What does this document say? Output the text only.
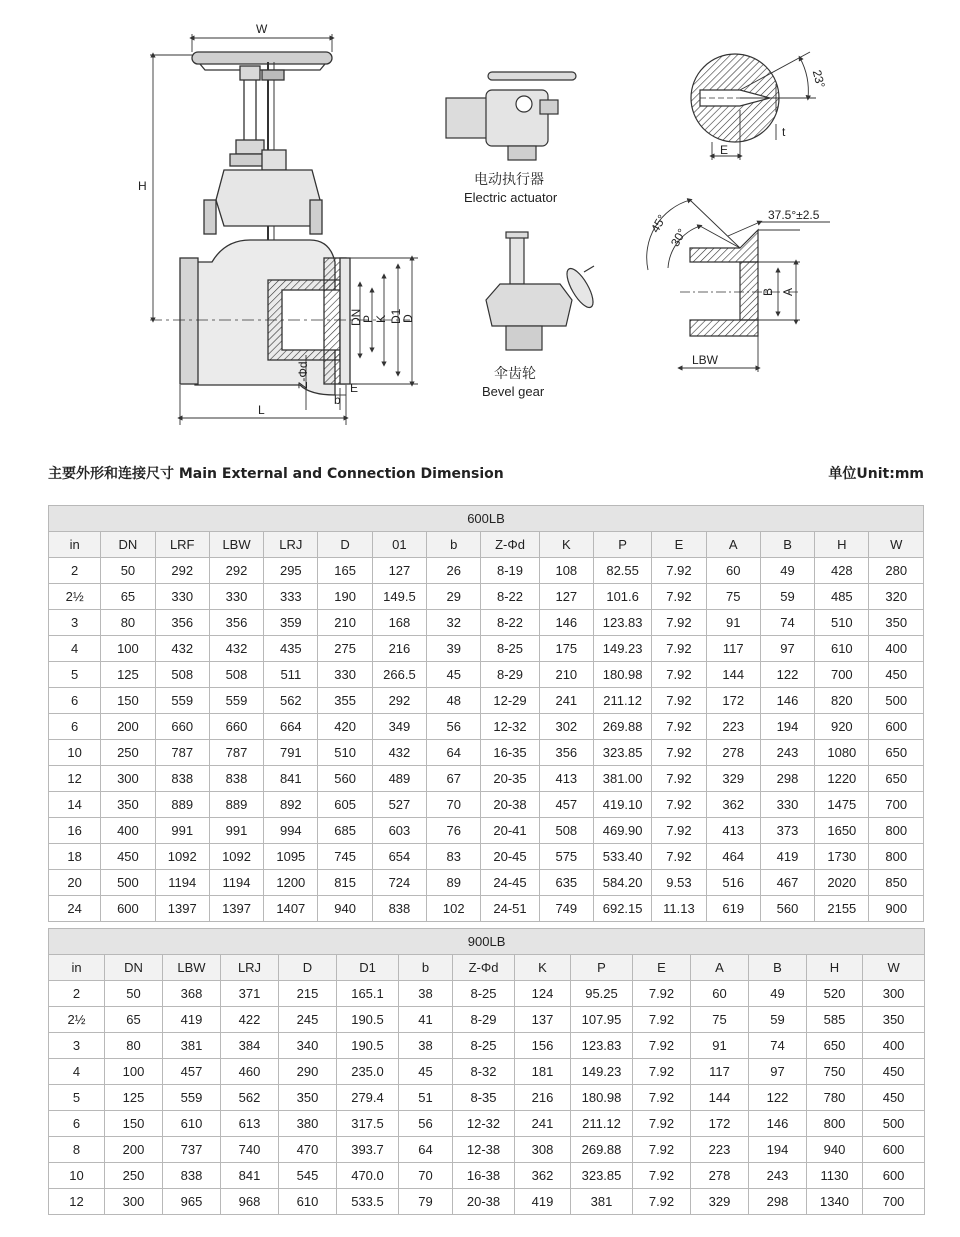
W
H
L
DN
P K D1
D
Z-Φd	E
b
电动执行器
Electric actuator
伞齿轮
Bevel gear
23°
E
t
45°
30°
37.5°±2.5
B A
LBW
主要外形和连接尺寸 Main External and Connection Dimension	单位Unit:mm
600LB															
in	DN	LRF	LBW	LRJ	D	01	b	Z-Φd	K	P	E	A	B	H	W
2	50	292	292	295	165	127	26	8-19	108	82.55	7.92	60	49	428	280
2½	65	330	330	333	190	149.5	29	8-22	127	101.6	7.92	75	59	485	320
3	80	356	356	359	210	168	32	8-22	146	123.83	7.92	91	74	510	350
4	100	432	432	435	275	216	39	8-25	175	149.23	7.92	117	97	610	400
5	125	508	508	511	330	266.5	45	8-29	210	180.98	7.92	144	122	700	450
6	150	559	559	562	355	292	48	12-29	241	211.12	7.92	172	146	820	500
6	200	660	660	664	420	349	56	12-32	302	269.88	7.92	223	194	920	600
10	250	787	787	791	510	432	64	16-35	356	323.85	7.92	278	243	1080	650
12	300	838	838	841	560	489	67	20-35	413	381.00	7.92	329	298	1220	650
14	350	889	889	892	605	527	70	20-38	457	419.10	7.92	362	330	1475	700
16	400	991	991	994	685	603	76	20-41	508	469.90	7.92	413	373	1650	800
18	450	1092	1092	1095	745	654	83	20-45	575	533.40	7.92	464	419	1730	800
20	500	1194	1194	1200	815	724	89	24-45	635	584.20	9.53	516	467	2020	850
24	600	1397	1397	1407	940	838	102	24-51	749	692.15	11.13	619	560	2155	900
900LB														
in	DN	LBW	LRJ	D	D1	b	Z-Φd	K	P	E	A	B	H	W
2	50	368	371	215	165.1	38	8-25	124	95.25	7.92	60	49	520	300
2½	65	419	422	245	190.5	41	8-29	137	107.95	7.92	75	59	585	350
3	80	381	384	340	190.5	38	8-25	156	123.83	7.92	91	74	650	400
4	100	457	460	290	235.0	45	8-32	181	149.23	7.92	117	97	750	450
5	125	559	562	350	279.4	51	8-35	216	180.98	7.92	144	122	780	450
6	150	610	613	380	317.5	56	12-32	241	211.12	7.92	172	146	800	500
8	200	737	740	470	393.7	64	12-38	308	269.88	7.92	223	194	940	600
10	250	838	841	545	470.0	70	16-38	362	323.85	7.92	278	243	1130	600
12	300	965	968	610	533.5	79	20-38	419	381	7.92	329	298	1340	700
